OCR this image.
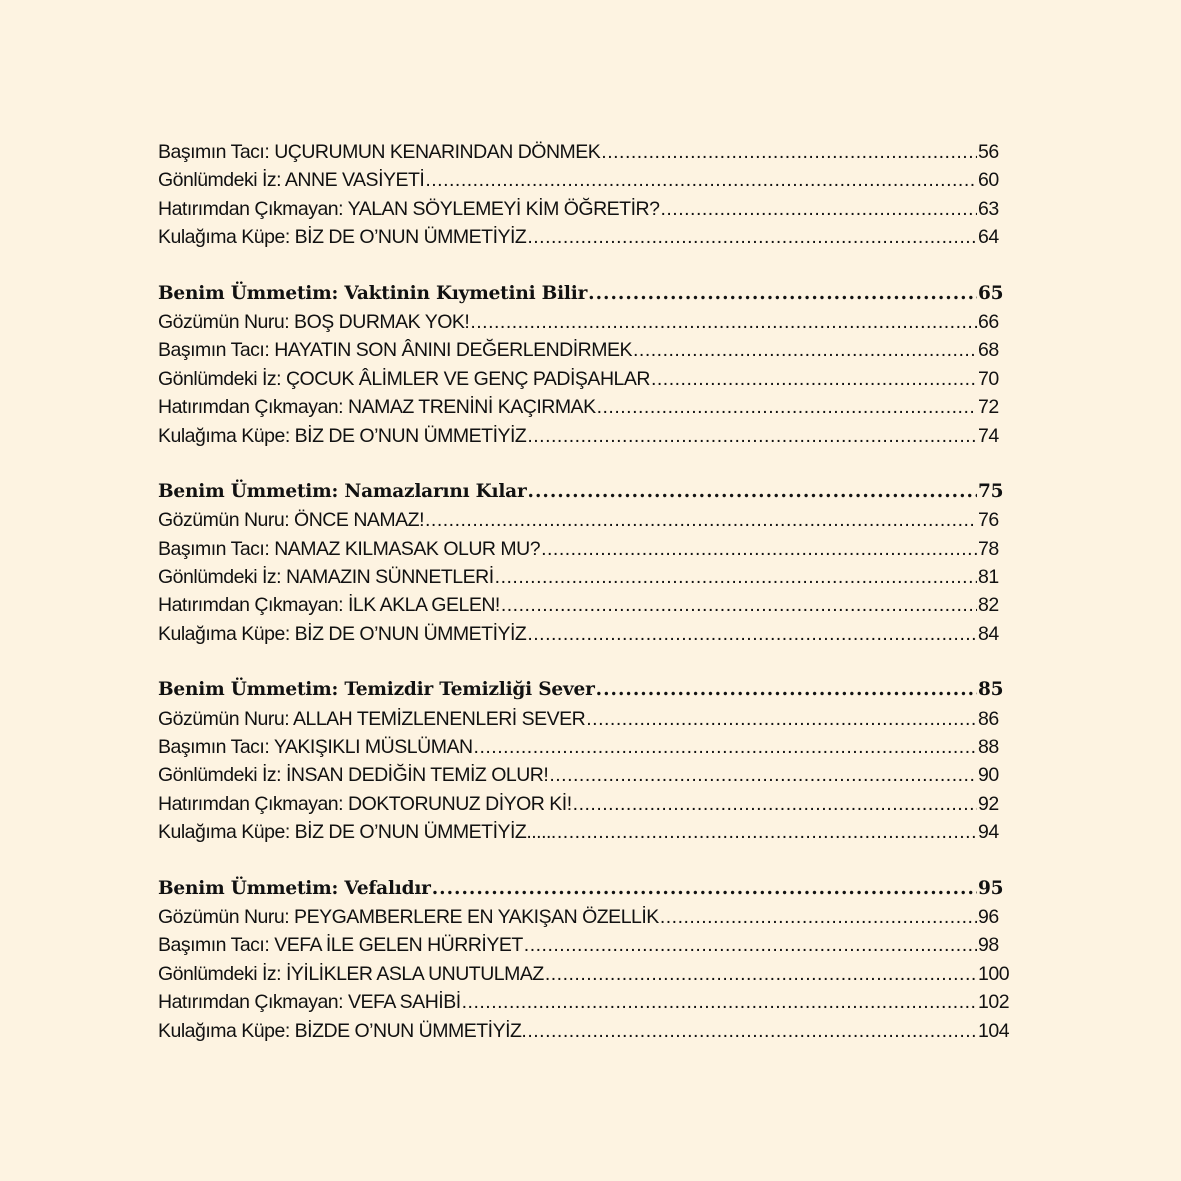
Başımın Tacı: UÇURUMUN KENARINDAN DÖNMEK .....	56
Gönlümdeki İz: ANNE VASİYETİ .....	60
Hatırımdan Çıkmayan: YALAN SÖYLEMEYİ KİM ÖĞRETİR? .....	63
Kulağıma Küpe: BİZ DE O’NUN ÜMMETİYİZ .....	64
Benim Ümmetim: Vaktinin Kıymetini Bilir .....	65
Gözümün Nuru: BOŞ DURMAK YOK! .....	66
Başımın Tacı: HAYATIN SON ÂNINI DEĞERLENDİRMEK .....	68
Gönlümdeki İz: ÇOCUK ÂLİMLER VE GENÇ PADİŞAHLAR .....	70
Hatırımdan Çıkmayan: NAMAZ TRENİNİ KAÇIRMAK .....	72
Kulağıma Küpe: BİZ DE O’NUN ÜMMETİYİZ .....	74
Benim Ümmetim: Namazlarını Kılar .....	75
Gözümün Nuru: ÖNCE NAMAZ! .....	76
Başımın Tacı: NAMAZ KILMASAK OLUR MU? .....	78
Gönlümdeki İz: NAMAZIN SÜNNETLERİ .....	81
Hatırımdan Çıkmayan: İLK AKLA GELEN! .....	82
Kulağıma Küpe: BİZ DE O’NUN ÜMMETİYİZ .....	84
Benim Ümmetim: Temizdir Temizliği Sever .....	85
Gözümün Nuru: ALLAH TEMİZLENENLERİ SEVER .....	86
Başımın Tacı: YAKIŞIKLI MÜSLÜMAN .....	88
Gönlümdeki İz: İNSAN DEDİĞİN TEMİZ OLUR! .....	90
Hatırımdan Çıkmayan: DOKTORUNUZ DİYOR Kİ! .....	92
Kulağıma Küpe: BİZ DE O’NUN ÜMMETİYİZ...... .....	94
Benim Ümmetim: Vefalıdır .....	95
Gözümün Nuru: PEYGAMBERLERE EN YAKIŞAN ÖZELLİK .....	96
Başımın Tacı: VEFA İLE GELEN HÜRRİYET .....	98
Gönlümdeki İz: İYİLİKLER ASLA UNUTULMAZ .....	100
Hatırımdan Çıkmayan: VEFA SAHİBİ .....	102
Kulağıma Küpe: BİZDE O’NUN ÜMMETİYİZ. .....	104
